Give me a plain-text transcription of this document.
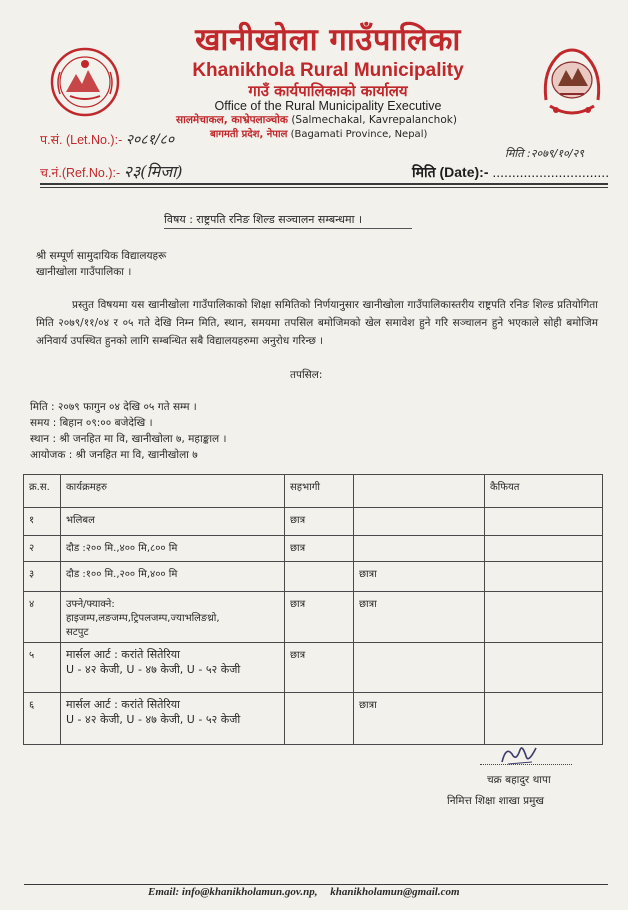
खानीखोला गाउँपालिका
Khanikhola Rural Municipality
गाउँ कार्यपालिकाको कार्यालय
Office of the Rural Municipality Executive
सालमेचाकल, काभ्रेपलाञ्चोक (Salmechakal, Kavrepalanchok)
बागमती प्रदेश, नेपाल (Bagamati Province, Nepal)
प.सं. (Let.No.):- २०८१/८०
च.नं.(Ref.No.):- २३(मिजा)
मिति :२०७९/१०/२९
मिति (Date):- ..............................
विषय : राष्ट्रपति रनिङ शिल्ड सञ्चालन सम्बन्धमा ।
श्री सम्पूर्ण सामुदायिक विद्यालयहरू
खानीखोला गाउँपालिका ।
प्रस्तुत विषयमा यस खानीखोला गाउँपालिकाको शिक्षा समितिको निर्णयानुसार खानीखोला गाउँपालिकास्तरीय राष्ट्रपति रनिङ शिल्ड प्रतियोगिता मिति २०७९/११/०४ र ०५ गते देखि निम्न मिति, स्थान, समयमा तपसिल बमोजिमको खेल समावेश हुने गरि सञ्चालन हुने भएकाले सोही बमोजिम अनिवार्य उपस्थित हुनको लागि सम्बन्धित सबै विद्यालयहरुमा अनुरोध गरिन्छ ।
तपसिल:
मिति : २०७९ फागुन ०४ देखि ०५ गते सम्म ।
समय : बिहान ०९:०० बजेदेखि ।
स्थान : श्री जनहित मा वि, खानीखोला ७, महाङ्काल ।
आयोजक : श्री जनहित मा वि, खानीखोला ७
क्र.स.	कार्यक्रमहरु	सहभागी		कैफियत
१	भलिबल	छात्र		
२	दौड :२०० मि.,४०० मि,८०० मि	छात्र		
३	दौड :१०० मि.,२०० मि,४०० मि		छात्रा	
४	उफ्ने/फ्याक्ने:
हाइजम्प,लङजम्प,ट्रिपलजम्प,ज्याभलिङथ्रो,
सटपुट	छात्र	छात्रा	
५	मार्सल आर्ट : करांते सितेरिया
U - ४२ केजी, U - ४७ केजी, U - ५२ केजी	छात्र		
६	मार्सल आर्ट : करांते सितेरिया
U - ४२ केजी, U - ४७ केजी, U - ५२ केजी		छात्रा	
चक्र बहादुर थापा
निमित्त शिक्षा शाखा प्रमुख
Email: info@khanikholamun.gov.np, khanikholamun@gmail.com
